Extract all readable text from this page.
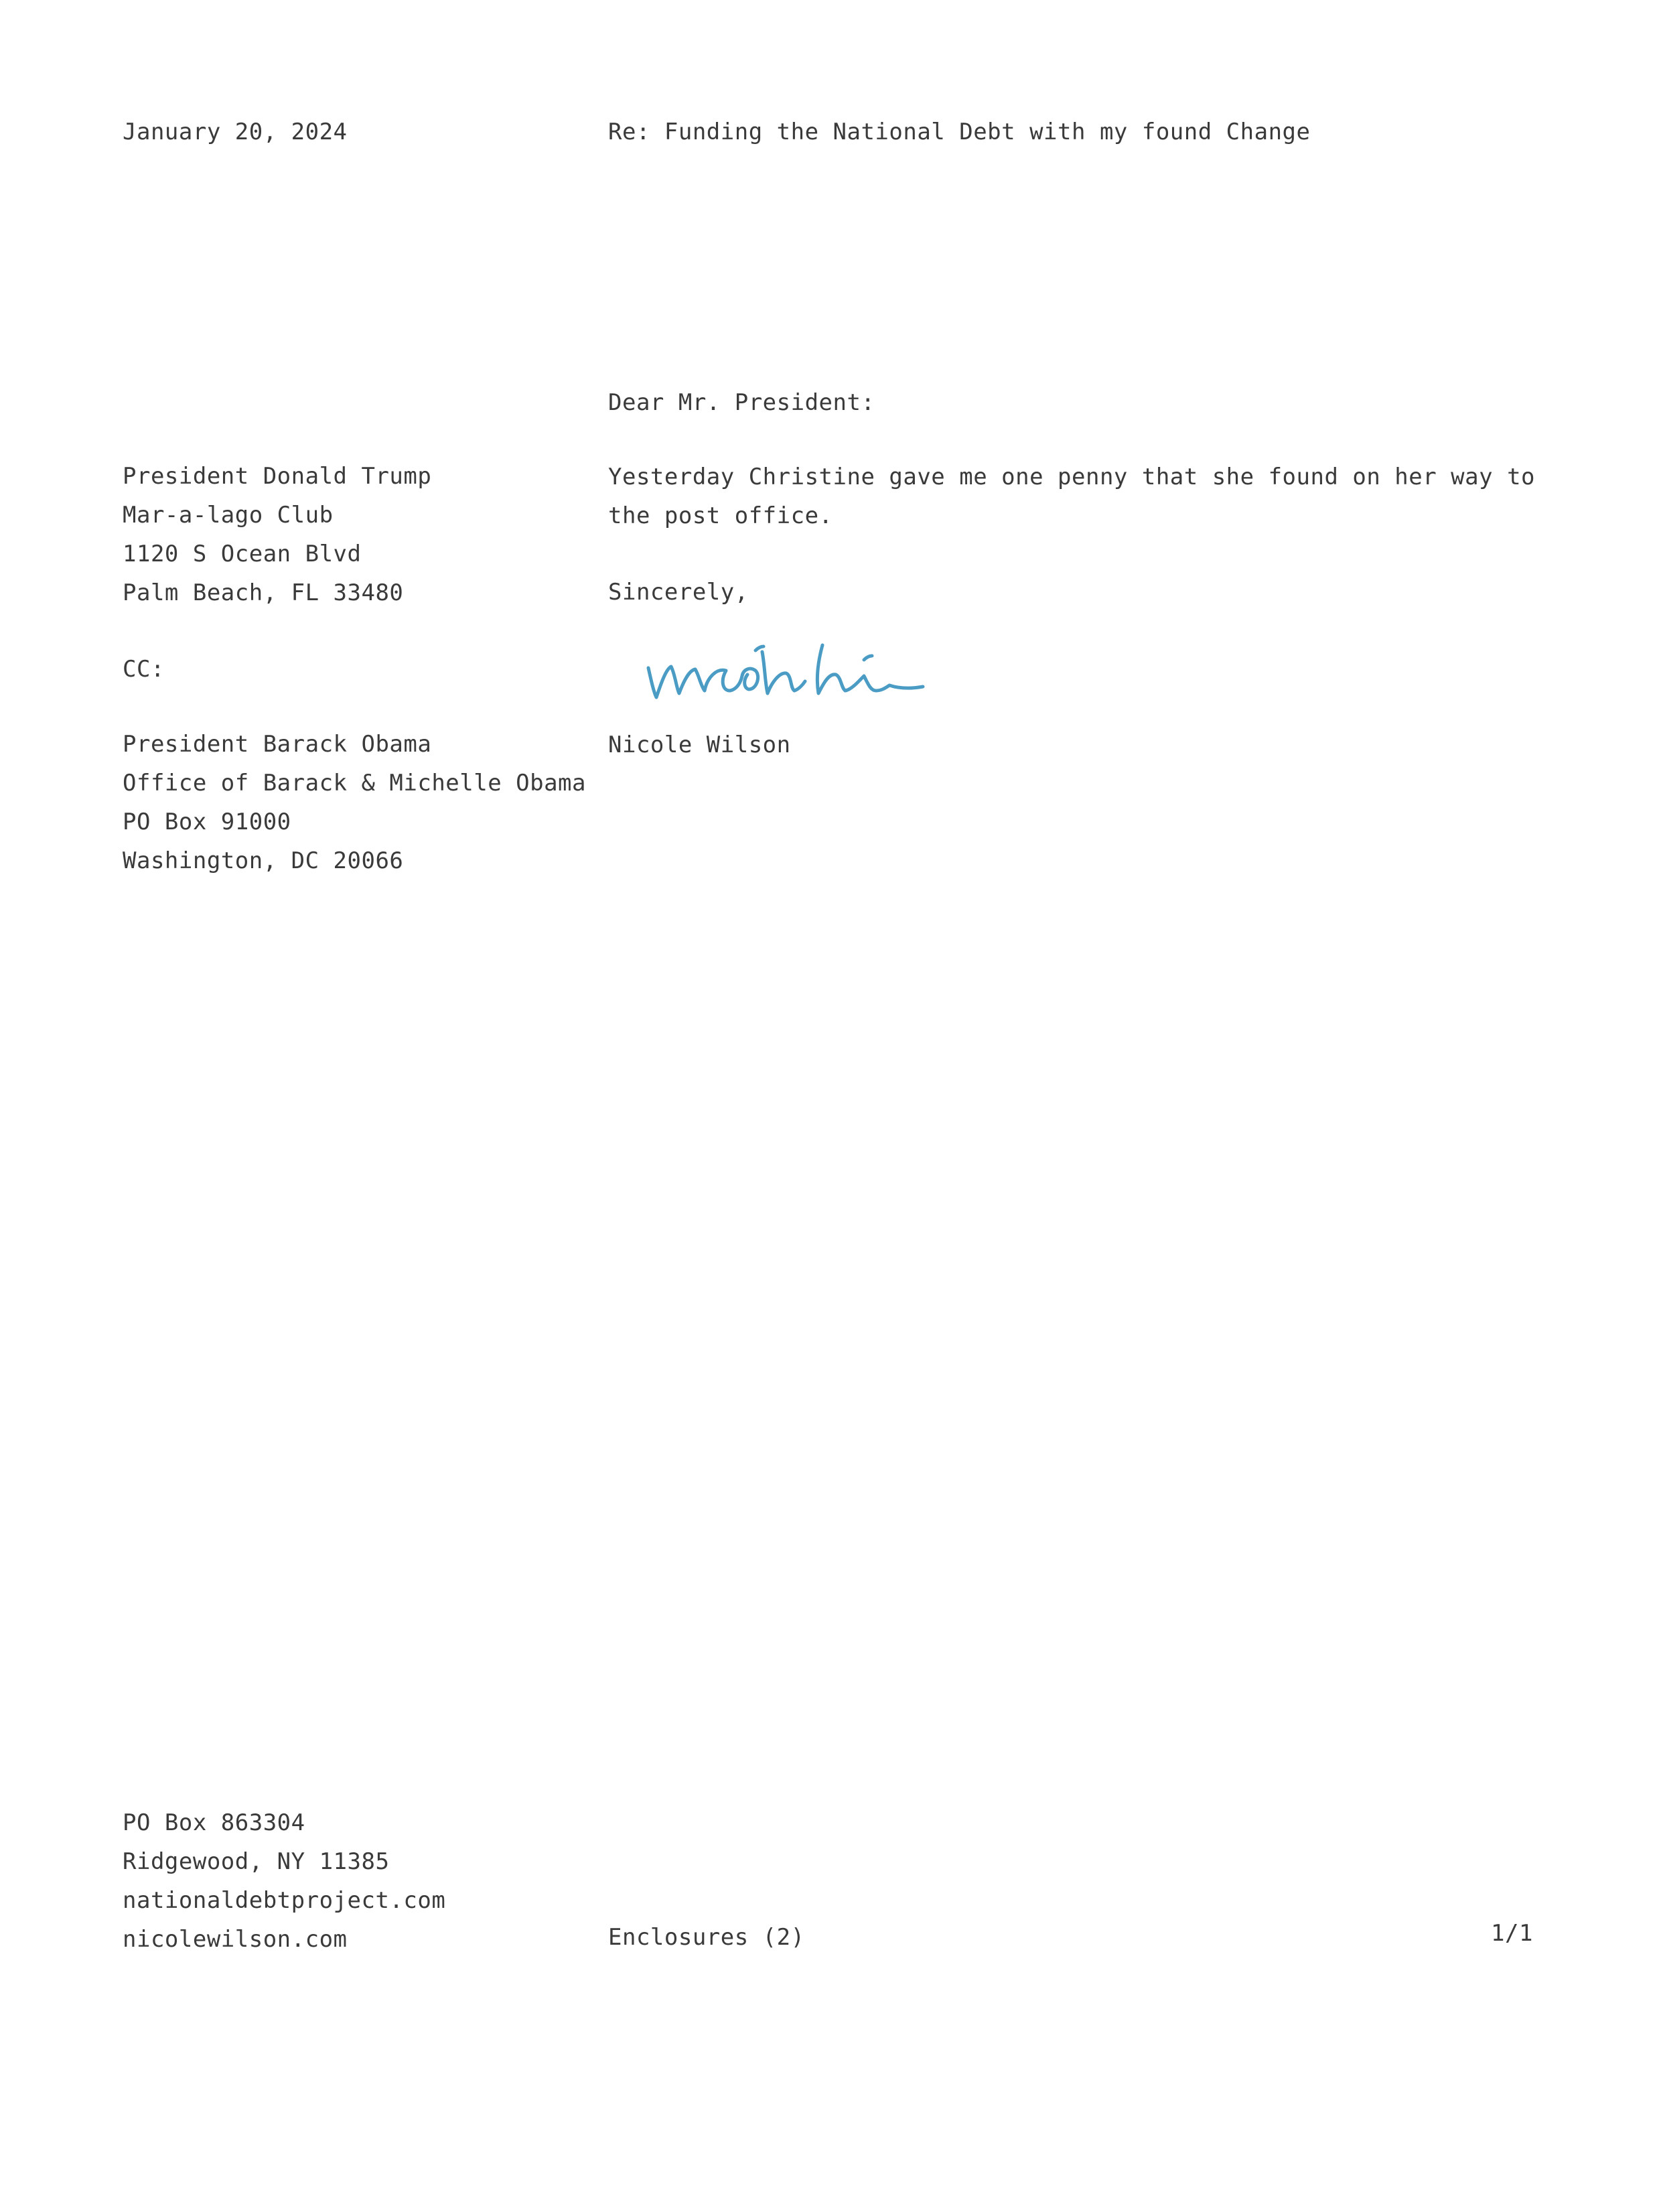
January 20, 2024	Re: Funding the National Debt with my found Change
Dear Mr. President:
President Donald Trump
Mar-a-lago Club
1120 S Ocean Blvd
Palm Beach, FL 33480
Yesterday Christine gave me one penny that she found on her way to
the post office.
Sincerely,
CC:
President Barack Obama
Office of Barack & Michelle Obama
PO Box 91000
Washington, DC 20066
Nicole Wilson
PO Box 863304
Ridgewood, NY 11385
nationaldebtproject.com
nicolewilson.com	Enclosures (2)	1/1
